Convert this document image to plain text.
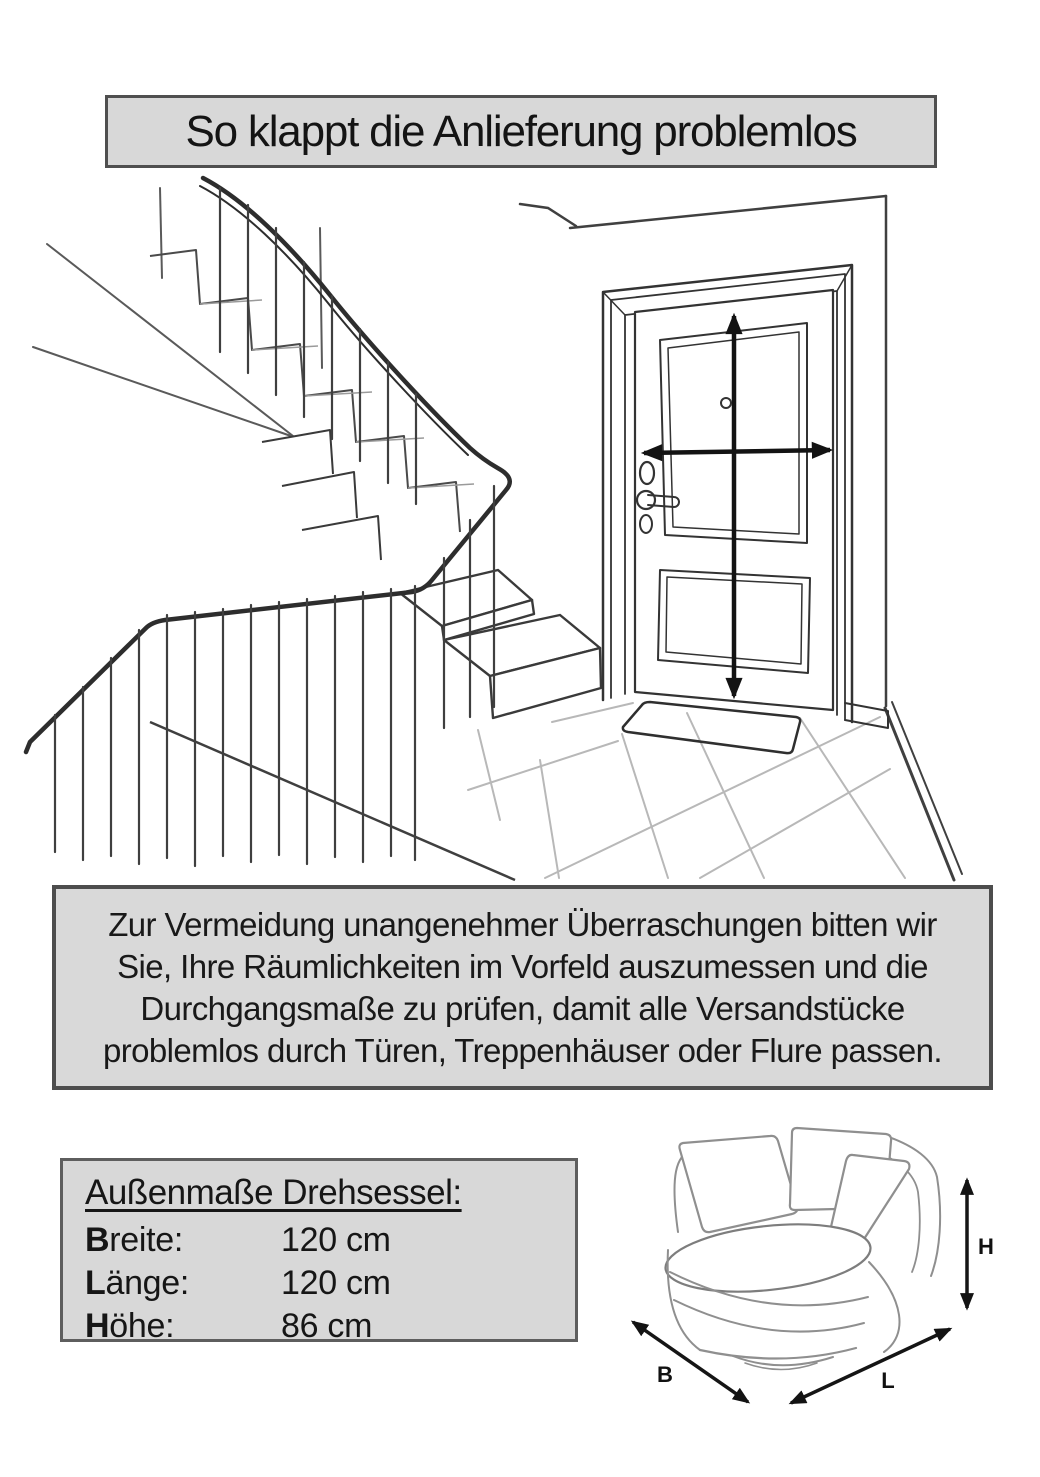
So klappt die Anlieferung problemlos
Zur Vermeidung unangenehmer Überraschungen bitten wir
Sie, Ihre Räumlichkeiten im Vorfeld auszumessen und die
Durchgangsmaße zu prüfen, damit alle Versandstücke
problemlos durch Türen, Treppenhäuser oder Flure passen.
Außenmaße Drehsessel:
Breite:	120 cm
Länge:	120 cm
Höhe:	86 cm
B	L
H
